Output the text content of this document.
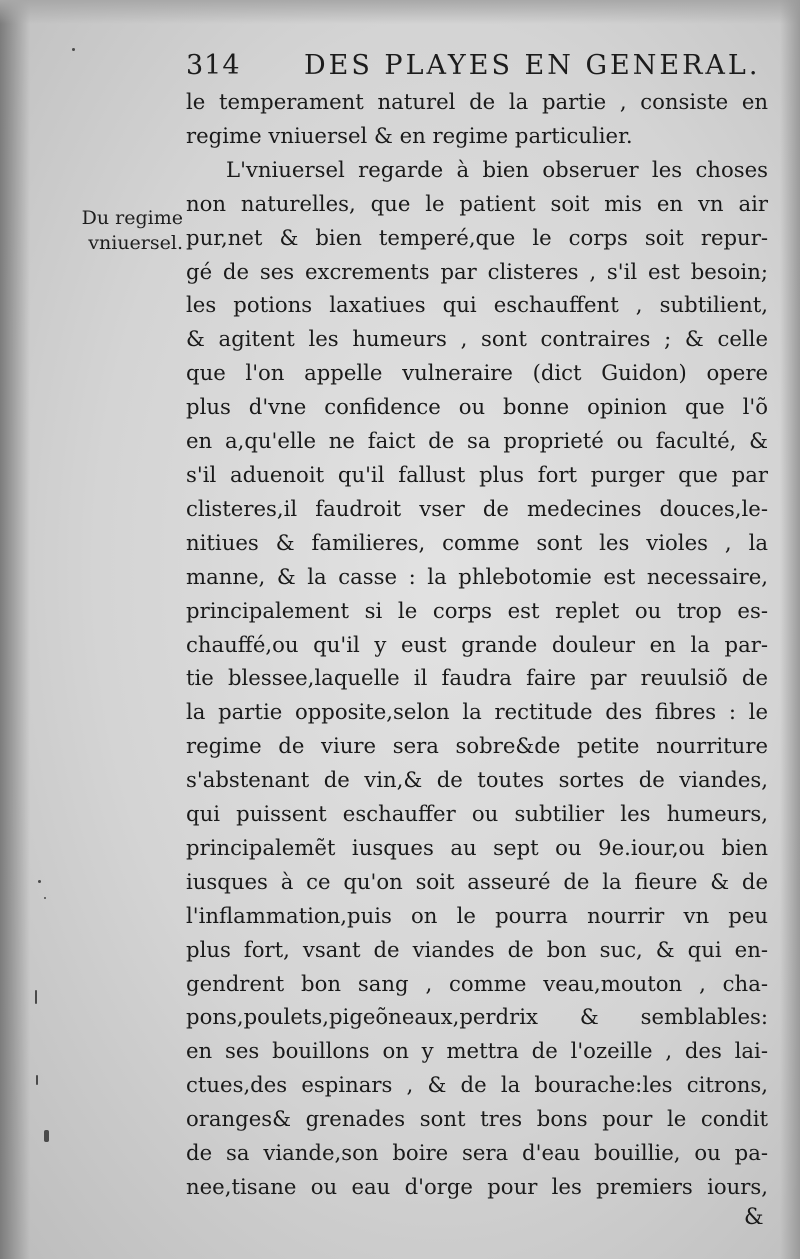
314 DES PLAYES EN GENERAL.
Du regime
vniuersel.
le temperament naturel de la partie , consiste en
regime vniuersel & en regime particulier.
L'vniuersel regarde à bien obseruer les choses
non naturelles, que le patient soit mis en vn air
pur,net & bien temperé,que le corps soit repur-
gé de ses excrements par clisteres , s'il est besoin;
les potions laxatiues qui eschauffent , subtilient,
& agitent les humeurs , sont contraires ; & celle
que l'on appelle vulneraire (dict Guidon) opere
plus d'vne confidence ou bonne opinion que l'õ
en a,qu'elle ne faict de sa proprieté ou faculté, &
s'il aduenoit qu'il fallust plus fort purger que par
clisteres,il faudroit vser de medecines douces,le-
nitiues & familieres, comme sont les violes , la
manne, & la casse : la phlebotomie est necessaire,
principalement si le corps est replet ou trop es-
chauffé,ou qu'il y eust grande douleur en la par-
tie blessee,laquelle il faudra faire par reuulsiõ de
la partie opposite,selon la rectitude des fibres : le
regime de viure sera sobre&de petite nourriture
s'abstenant de vin,& de toutes sortes de viandes,
qui puissent eschauffer ou subtilier les humeurs,
principalemẽt iusques au sept ou 9e.iour,ou bien
iusques à ce qu'on soit asseuré de la fieure & de
l'inflammation,puis on le pourra nourrir vn peu
plus fort, vsant de viandes de bon suc, & qui en-
gendrent bon sang , comme veau,mouton , cha-
pons,poulets,pigeõneaux,perdrix & semblables:
en ses bouillons on y mettra de l'ozeille , des lai-
ctues,des espinars , & de la bourache:les citrons,
oranges& grenades sont tres bons pour le condit
de sa viande,son boire sera d'eau bouillie, ou pa-
nee,tisane ou eau d'orge pour les premiers iours,
&
